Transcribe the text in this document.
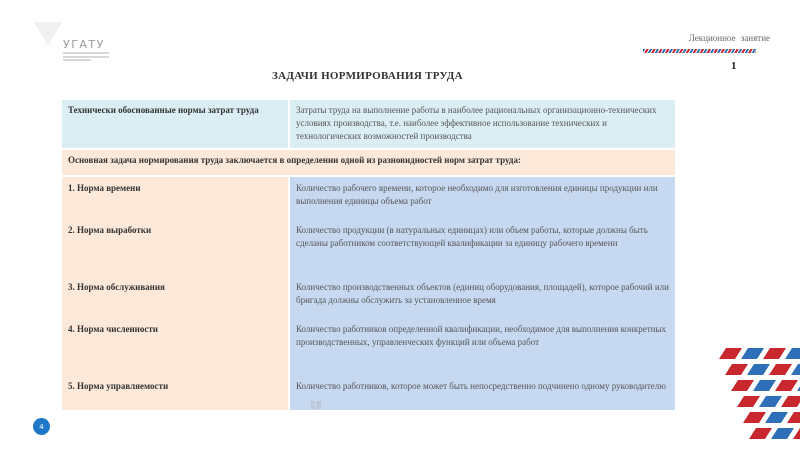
УГАТУ	Лекционное занятие
1
ЗАДАЧИ НОРМИРОВАНИЯ ТРУДА
Технически обоснованные нормы затрат труда	Затраты труда на выполнение работы в наиболее рациональных организационно-технических условиях производства, т.е. наиболее эффективное использование технических и технологических возможностей производства
Основная задача нормирования труда заключается в определении одной из разновидностей норм затрат труда:	
1. Норма времени	Количество рабочего времени, которое необходимо для изготовления единицы продукции или выполнения единицы объема работ
2. Норма выработки	Количество продукции (в натуральных единицах) или объем работы, которые должны быть сделаны работником соответствующей квалификации за единицу рабочего времени
3. Норма обслуживания	Количество производственных объектов (единиц оборудования, площадей), которое рабочий или бригада должны обслужить за установленное время
4. Норма численности	Количество работников определенной квалификации, необходимое для выполнения конкретных производственных, управленческих функций или объема работ
5. Норма управляемости	Количество работников, которое может быть непосредственно подчинено одному руководителю
4
